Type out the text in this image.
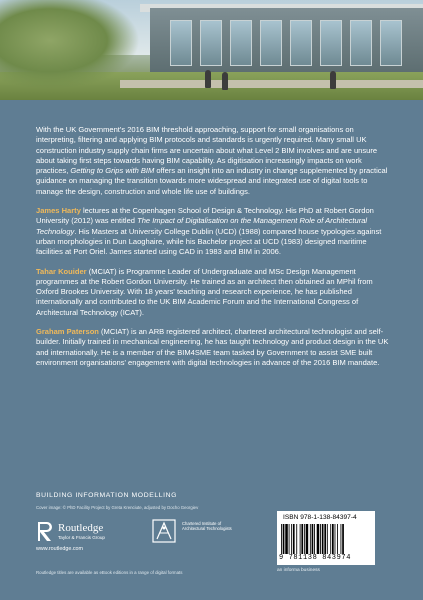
With the UK Government's 2016 BIM threshold approaching, support for small organisations on interpreting, filtering and applying BIM protocols and standards is urgently required. Many small UK construction industry supply chain firms are uncertain about what Level 2 BIM involves and are unsure about taking first steps towards having BIM capability. As digitisation increasingly impacts on work practices, Getting to Grips with BIM offers an insight into an industry in change supplemented by practical guidance on managing the transition towards more widespread and integrated use of digital tools to manage the design, construction and whole life use of buildings.

James Harty lectures at the Copenhagen School of Design & Technology. His PhD at Robert Gordon University (2012) was entitled The Impact of Digitalisation on the Management Role of Architectural Technology. His Masters at University College Dublin (UCD) (1988) compared house typologies against urban morphologies in Dun Laoghaire, while his Bachelor project at UCD (1983) designed maritime facilities at Port Oriel. James started using CAD in 1983 and BIM in 2006.

Tahar Kouider (MCIAT) is Programme Leader of Undergraduate and MSc Design Management programmes at the Robert Gordon University. He trained as an architect then obtained an MPhil from Oxford Brookes University. With 18 years' teaching and research experience, he has published internationally and contributed to the UK BIM Academic Forum and the International Congress of Architectural Technology (ICAT).

Graham Paterson (MCIAT) is an ARB registered architect, chartered architectural technologist and self-builder. Initially trained in mechanical engineering, he has taught technology and product design in the UK and internationally. He is a member of the BIM4SME team tasked by Government to assist SME built environment organisations' engagement with digital technologies in advance of the 2016 BIM mandate.

BUILDING INFORMATION MODELLING
Cover image: © PhD Facility Project by Greta Krenciute, adjusted by Docho Georgiev
Routledge
Taylor & Francis Group
www.routledge.com
Chartered Institute of
Architectural Technologists
ISBN 978-1-138-84397-4
9 781138 843974
an informa business
Routledge titles are available as eBook editions in a range of digital formats
